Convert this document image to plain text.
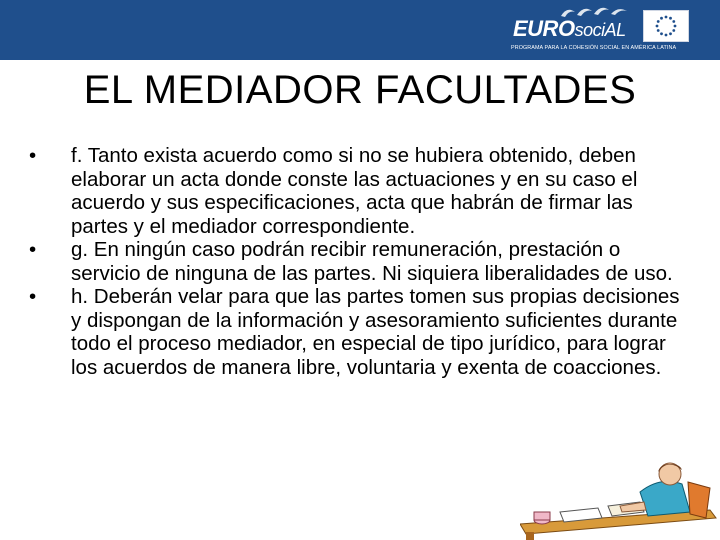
EUROsociAL
PROGRAMA PARA LA COHESIÓN SOCIAL EN AMÉRICA LATINA
EL MEDIADOR FACULTADES
• f. Tanto exista acuerdo como si no se hubiera obtenido, deben elaborar un acta donde conste las actuaciones y en su caso el acuerdo y sus especificaciones, acta que habrán de firmar las partes y el mediador correspondiente.
• g. En ningún caso podrán recibir remuneración, prestación o servicio de ninguna de las partes. Ni siquiera liberalidades de uso.
• h. Deberán velar para que las partes tomen sus propias decisiones y dispongan de la información y asesoramiento suficientes durante todo el proceso mediador, en especial de tipo jurídico, para lograr los acuerdos de manera libre, voluntaria y exenta de coacciones.
